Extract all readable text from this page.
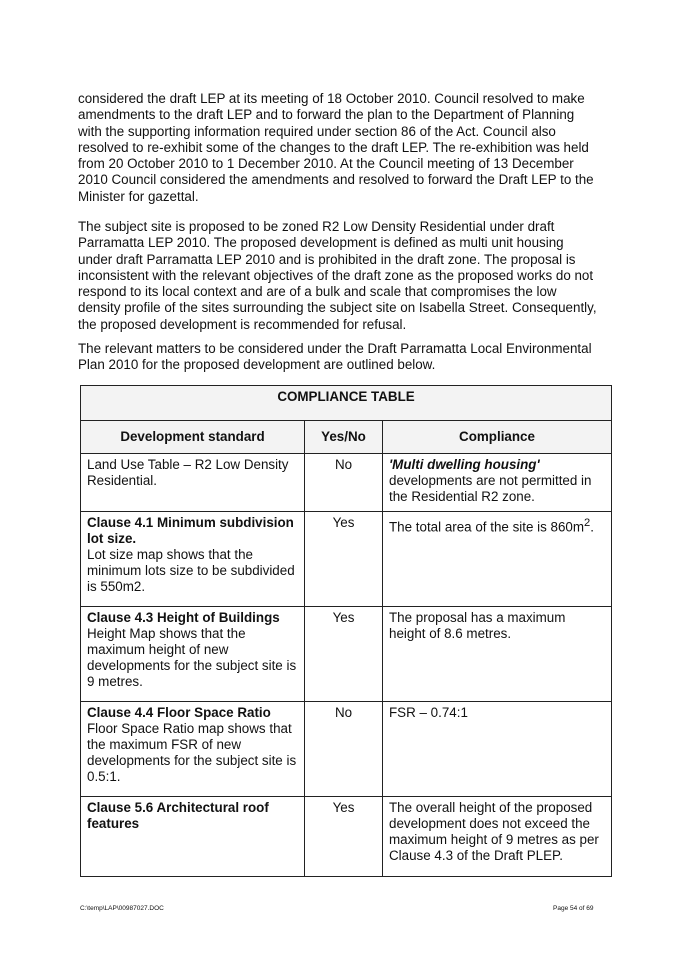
considered the draft LEP at its meeting of 18 October 2010. Council resolved to make amendments to the draft LEP and to forward the plan to the Department of Planning with the supporting information required under section 86 of the Act. Council also resolved to re-exhibit some of the changes to the draft LEP. The re-exhibition was held from 20 October 2010 to 1 December 2010. At the Council meeting of 13 December 2010 Council considered the amendments and resolved to forward the Draft LEP to the Minister for gazettal.

The subject site is proposed to be zoned R2 Low Density Residential under draft Parramatta LEP 2010. The proposed development is defined as multi unit housing under draft Parramatta LEP 2010 and is prohibited in the draft zone. The proposal is inconsistent with the relevant objectives of the draft zone as the proposed works do not respond to its local context and are of a bulk and scale that compromises the low density profile of the sites surrounding the subject site on Isabella Street. Consequently, the proposed development is recommended for refusal.

The relevant matters to be considered under the Draft Parramatta Local Environmental Plan 2010 for the proposed development are outlined below.

COMPLIANCE TABLE		
Development standard	Yes/No	Compliance
Land Use Table – R2 Low Density Residential.	No	'Multi dwelling housing'
developments are not permitted in the Residential R2 zone.

Clause 4.1 Minimum subdivision lot size.
Lot size map shows that the minimum lots size to be subdivided is 550m2.	Yes	The total area of the site is $860m^2$.

Clause 4.3 Height of Buildings
Height Map shows that the maximum height of new developments for the subject site is 9 metres.	Yes	The proposal has a maximum height of 8.6 metres.

Clause 4.4 Floor Space Ratio
Floor Space Ratio map shows that the maximum FSR of new developments for the subject site is 0.5:1.	No	FSR – 0.74:1

Clause 5.6 Architectural roof features	Yes	The overall height of the proposed development does not exceed the maximum height of 9 metres as per Clause 4.3 of the Draft PLEP.
C:\temp\LAP\00987027.DOC	Page 54 of 69
